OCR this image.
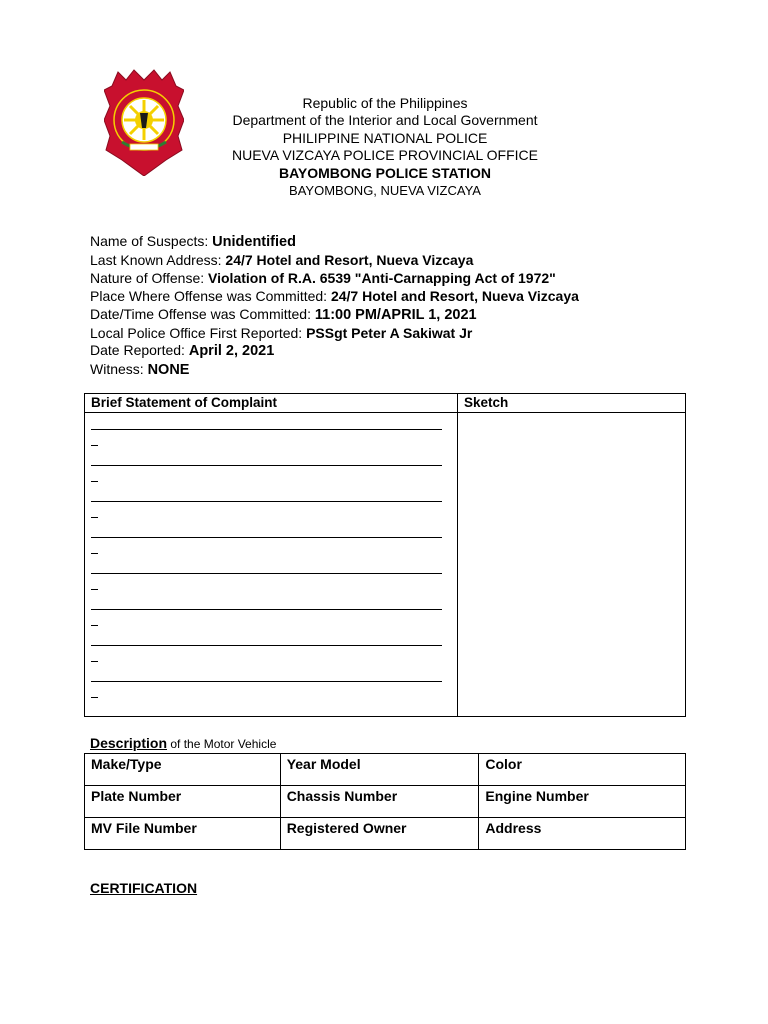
Republic of the Philippines
Department of the Interior and Local Government
PHILIPPINE NATIONAL POLICE
NUEVA VIZCAYA POLICE PROVINCIAL OFFICE
BAYOMBONG POLICE STATION
BAYOMBONG, NUEVA VIZCAYA
Name of Suspects: Unidentified
Last Known Address: 24/7 Hotel and Resort, Nueva Vizcaya
Nature of Offense: Violation of R.A. 6539 "Anti-Carnapping Act of 1972"
Place Where Offense was Committed: 24/7 Hotel and Resort, Nueva Vizcaya
Date/Time Offense was Committed: 11:00 PM/APRIL 1, 2021
Local Police Office First Reported: PSSgt Peter A Sakiwat Jr
Date Reported: April 2, 2021
Witness: NONE
Brief Statement of Complaint	Sketch
Description of the Motor Vehicle
Make/Type	Year Model	Color
Plate Number	Chassis Number	Engine Number
MV File Number	Registered Owner	Address
CERTIFICATION
